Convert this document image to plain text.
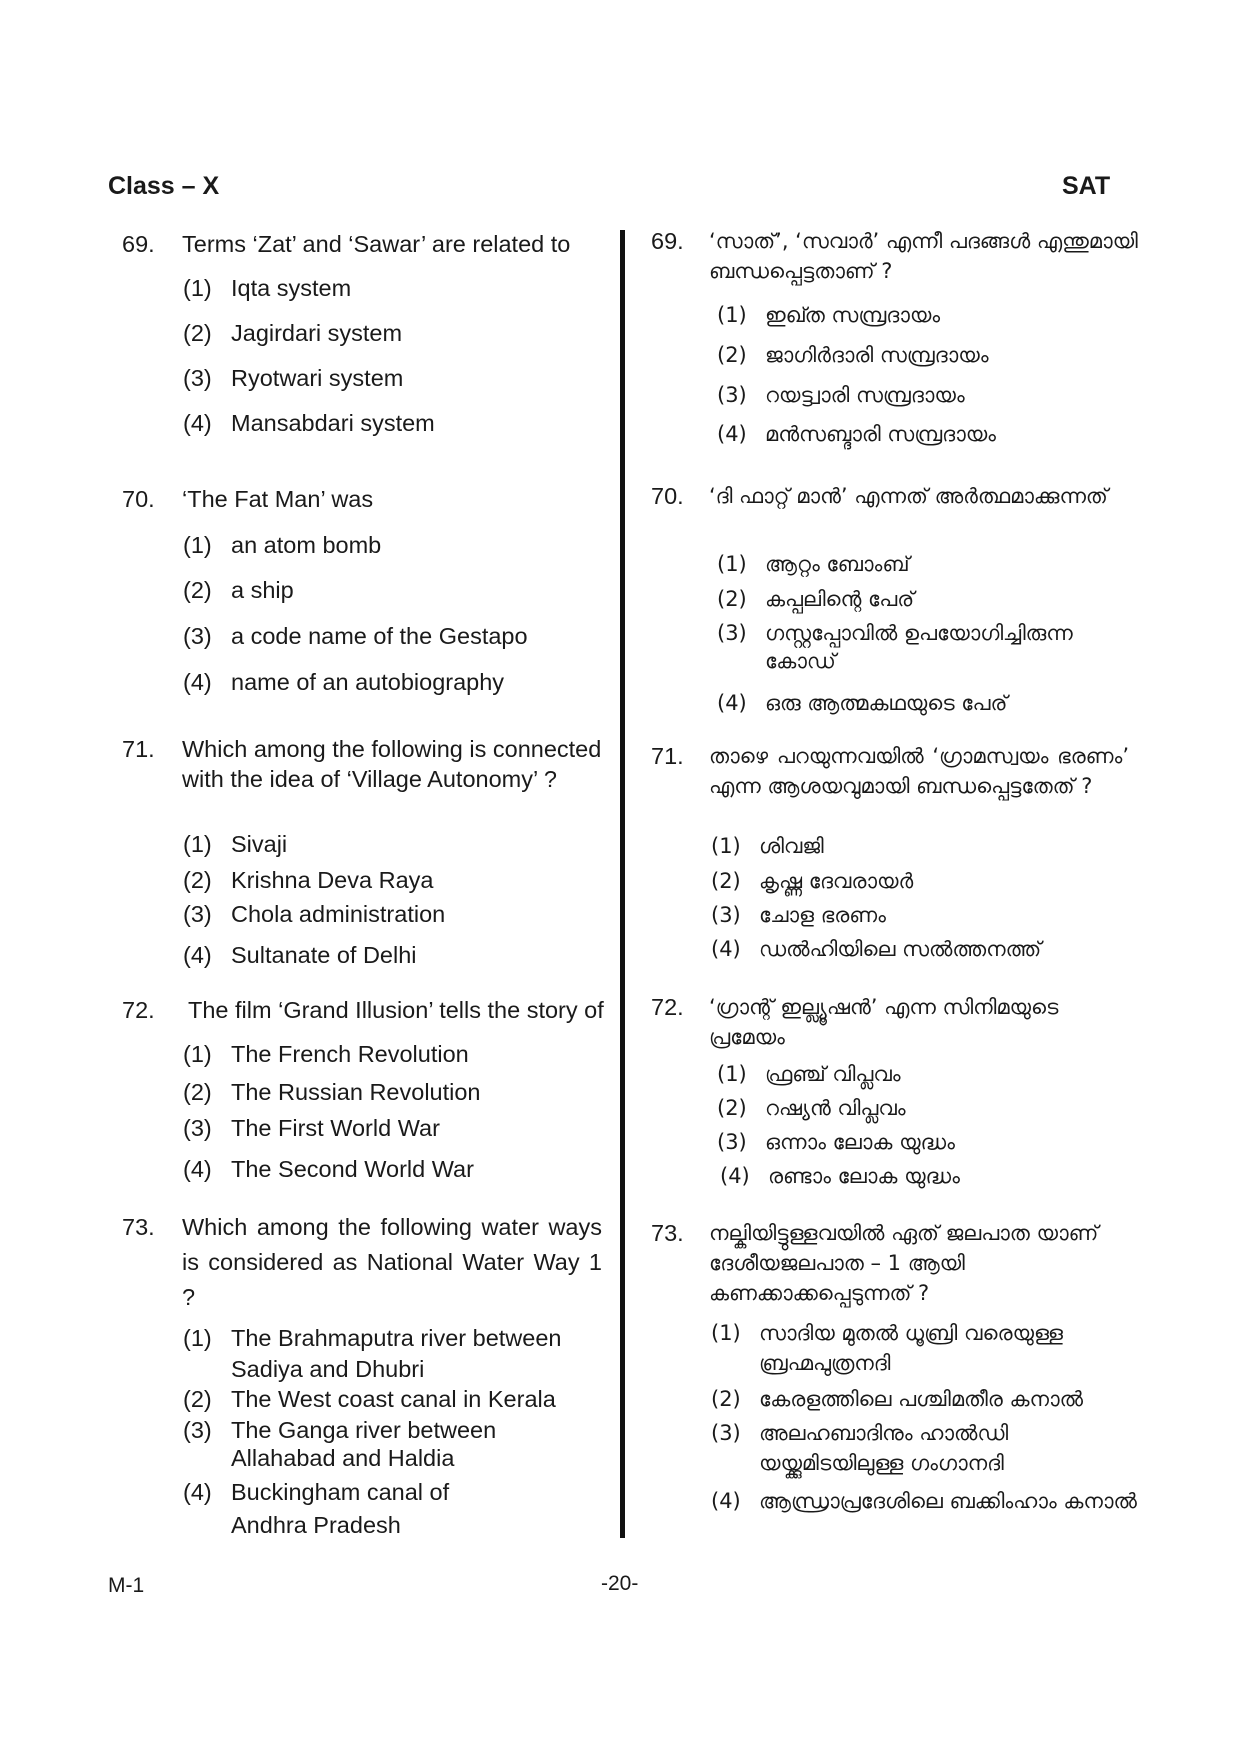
Class – X	SAT
69. Terms ‘Zat’ and ‘Sawar’ are related to
(1) Iqta system
(2) Jagirdari system
(3) Ryotwari system
(4) Mansabdari system
70. ‘The Fat Man’ was
(1) an atom bomb
(2) a ship
(3) a code name of the Gestapo
(4) name of an autobiography
71. Which among the following is connected with the idea of ‘Village Autonomy’ ?
(1) Sivaji
(2) Krishna Deva Raya
(3) Chola administration
(4) Sultanate of Delhi
72. The film ‘Grand Illusion’ tells the story of
(1) The French Revolution
(2) The Russian Revolution
(3) The First World War
(4) The Second World War
73. Which among the following water ways is considered as National Water Way 1 ?
(1) The Brahmaputra river between Sadiya and Dhubri
(2) The West coast canal in Kerala
(3) The Ganga river between Allahabad and Haldia
(4) Buckingham canal of Andhra Pradesh
69. ‘സാത്’, ‘സവാർ’ എന്നീ പദങ്ങൾ എന്തുമായി ബന്ധപ്പെട്ടതാണ് ?
(1) ഇഖ്ത സമ്പ്രദായം
(2) ജാഗിർദാരി സമ്പ്രദായം
(3) റയട്ട്വാരി സമ്പ്രദായം
(4) മൻസബ്ദാരി സമ്പ്രദായം
70. ‘ദി ഫാറ്റ് മാൻ’ എന്നത് അർത്ഥമാക്കുന്നത്
(1) ആറ്റം ബോംബ്
(2) കപ്പലിന്റെ പേര്
(3) ഗസ്റ്റപ്പോവിൽ ഉപയോഗിച്ചിരുന്ന കോഡ്
(4) ഒരു ആത്മകഥയുടെ പേര്
71. താഴെ പറയുന്നവയിൽ ‘ഗ്രാമസ്വയം ഭരണം’ എന്ന ആശയവുമായി ബന്ധപ്പെട്ടതേത് ?
(1) ശിവജി
(2) കൃഷ്ണ ദേവരായർ
(3) ചോള ഭരണം
(4) ഡൽഹിയിലെ സൽത്തനത്ത്
72. ‘ഗ്രാന്റ് ഇല്ല്യൂഷൻ’ എന്ന സിനിമയുടെ പ്രമേയം
(1) ഫ്രഞ്ച് വിപ്ലവം
(2) റഷ്യൻ വിപ്ലവം
(3) ഒന്നാം ലോക യുദ്ധം
(4) രണ്ടാം ലോക യുദ്ധം
73. നല്കിയിട്ടുള്ളവയിൽ ഏത് ജലപാത യാണ് ദേശീയജലപാത – 1 ആയി കണക്കാക്കപ്പെടുന്നത് ?
(1) സാദിയ മുതൽ ധൂബ്രി വരെയുള്ള ബ്രഹ്മപുത്രനദി
(2) കേരളത്തിലെ പശ്ചിമതീര കനാൽ
(3) അലഹബാദിനും ഹാൽഡി യയ്ക്കുമിടയിലുള്ള ഗംഗാനദി
(4) ആന്ധ്രാപ്രദേശിലെ ബക്കിംഹാം കനാൽ
M-1	-20-
